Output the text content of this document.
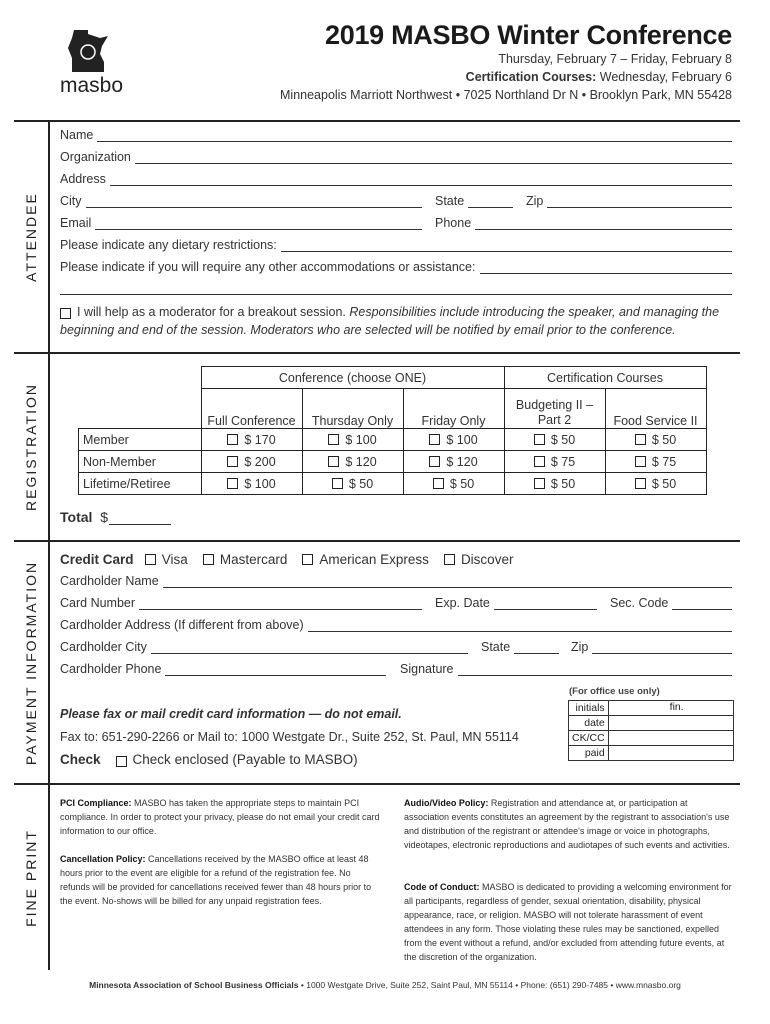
masbo
2019 MASBO Winter Conference
Thursday, February 7 – Friday, February 8
Certification Courses: Wednesday, February 6
Minneapolis Marriott Northwest • 7025 Northland Dr N • Brooklyn Park, MN 55428
ATTENDEE
REGISTRATION
PAYMENT INFORMATION
FINE PRINT
Name
Organization
Address
City	State	Zip
Email	Phone
Please indicate any dietary restrictions:
Please indicate if you will require any other accommodations or assistance:
I will help as a moderator for a breakout session.
Responsibilities include introducing the speaker, and managing the
beginning and end of the session. Moderators who are selected will be notified by email prior to the conference.
	Conference (choose ONE)			Certification Courses	
	Full Conference	Thursday Only	Friday Only	Budgeting II – Part 2	Food Service II
Member	$ 170	$ 100	$ 100	$ 50	$ 50
Non-Member	$ 200	$ 120	$ 120	$ 75	$ 75
Lifetime/Retiree	$ 100	$ 50	$ 50	$ 50	$ 50
Total
$
Credit Card
	Visa
	Mastercard
	American Express
	Discover
Cardholder Name
Card Number	Exp. Date	Sec. Code
Cardholder Address (If different from above)
Cardholder City	State	Zip
Cardholder Phone	Signature
Please fax or mail credit card information — do not email.
Fax to: 651-290-2266 or Mail to: 1000 Westgate Dr., Suite 252, St. Paul, MN 55114
Check
Check enclosed (Payable to MASBO)
(For office use only)
initials		fin.
date		
CK/CC		
paid		
PCI Compliance: MASBO has taken the appropriate steps to maintain PCI compliance. In order to protect your privacy, please do not email your credit card information to our office.
Cancellation Policy: Cancellations received by the MASBO office at least 48 hours prior to the event are eligible for a refund of the registration fee. No refunds will be provided for cancellations received fewer than 48 hours prior to the event. No-shows will be billed for any unpaid registration fees.
Audio/Video Policy: Registration and attendance at, or participation at association events constitutes an agreement by the registrant to association's use and distribution of the registrant or attendee's image or voice in photographs, videotapes, electronic reproductions and audiotapes of such events and activities.
Code of Conduct: MASBO is dedicated to providing a welcoming environment for all participants, regardless of gender, sexual orientation, disability, physical appearance, race, or religion. MASBO will not tolerate harassment of event attendees in any form. Those violating these rules may be sanctioned, expelled from the event without a refund, and/or excluded from attending future events, at the discretion of the organization.
Minnesota Association of School Business Officials • 1000 Westgate Drive, Suite 252, Saint Paul, MN 55114 • Phone: (651) 290-7485 • www.mnasbo.org
